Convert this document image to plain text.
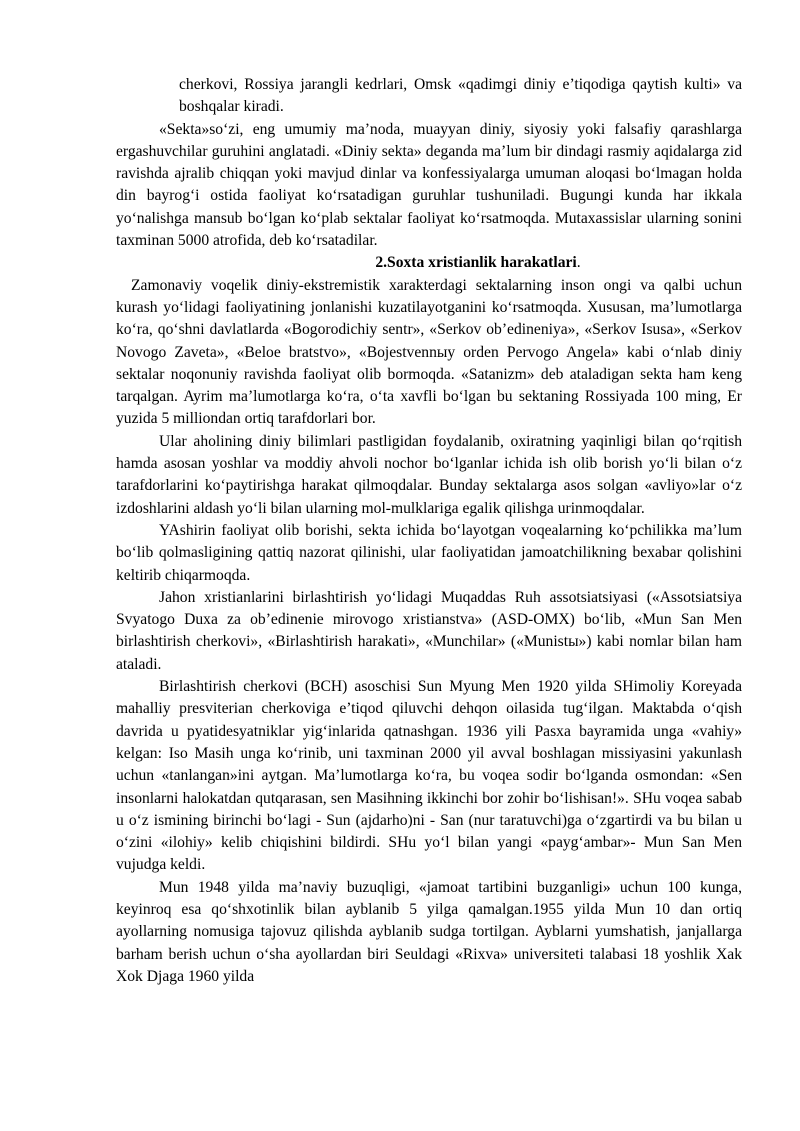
cherkovi, Rossiya jarangli kedrlari, Omsk «qadimgi diniy e’tiqodiga qaytish kulti» va boshqalar kiradi.

«Sekta»so‘zi, eng umumiy ma’noda, muayyan diniy, siyosiy yoki falsafiy qarashlarga ergashuvchilar guruhini anglatadi. «Diniy sekta» deganda ma’lum bir dindagi rasmiy aqidalarga zid ravishda ajralib chiqqan yoki mavjud dinlar va konfessiyalarga umuman aloqasi bo‘lmagan holda din bayrog‘i ostida faoliyat ko‘rsatadigan guruhlar tushuniladi. Bugungi kunda har ikkala yo‘nalishga mansub bo‘lgan ko‘plab sektalar faoliyat ko‘rsatmoqda. Mutaxassislar ularning sonini taxminan 5000 atrofida, deb ko‘rsatadilar.

2.Soxta xristianlik harakatlari.

Zamonaviy voqelik diniy-ekstremistik xarakterdagi sektalarning inson ongi va qalbi uchun kurash yo‘lidagi faoliyatining jonlanishi kuzatilayotganini ko‘rsatmoqda. Xususan, ma’lumotlarga ko‘ra, qo‘shni davlatlarda «Bogorodichiy sentr», «Serkov ob’edineniya», «Serkov Isusa», «Serkov Novogo Zaveta», «Beloe bratstvo», «Bojestvennыy orden Pervogo Angela» kabi o‘nlab diniy sektalar noqonuniy ravishda faoliyat olib bormoqda. «Satanizm» deb ataladigan sekta ham keng tarqalgan. Ayrim ma’lumotlarga ko‘ra, o‘ta xavfli bo‘lgan bu sektaning Rossiyada 100 ming, Er yuzida 5 milliondan ortiq tarafdorlari bor.

Ular aholining diniy bilimlari pastligidan foydalanib, oxiratning yaqinligi bilan qo‘rqitish hamda asosan yoshlar va moddiy ahvoli nochor bo‘lganlar ichida ish olib borish yo‘li bilan o‘z tarafdorlarini ko‘paytirishga harakat qilmoqdalar. Bunday sektalarga asos solgan «avliyo»lar o‘z izdoshlarini aldash yo‘li bilan ularning mol-mulklariga egalik qilishga urinmoqdalar.

YAshirin faoliyat olib borishi, sekta ichida bo‘layotgan voqealarning ko‘pchilikka ma’lum bo‘lib qolmasligining qattiq nazorat qilinishi, ular faoliyatidan jamoatchilikning bexabar qolishini keltirib chiqarmoqda.

Jahon xristianlarini birlashtirish yo‘lidagi Muqaddas Ruh assotsiatsiyasi («Assotsiatsiya Svyatogo Duxa za ob’edinenie mirovogo xristianstva» (ASD-OMX) bo‘lib, «Mun San Men birlashtirish cherkovi», «Birlashtirish harakati», «Munchilar» («Munistы») kabi nomlar bilan ham ataladi.

Birlashtirish cherkovi (BCH) asoschisi Sun Myung Men 1920 yilda SHimoliy Koreyada mahalliy presviterian cherkoviga e’tiqod qiluvchi dehqon oilasida tug‘ilgan. Maktabda o‘qish davrida u pyatidesyatniklar yig‘inlarida qatnashgan. 1936 yili Pasxa bayramida unga «vahiy» kelgan: Iso Masih unga ko‘rinib, uni taxminan 2000 yil avval boshlagan missiyasini yakunlash uchun «tanlangan»ini aytgan. Ma’lumotlarga ko‘ra, bu voqea sodir bo‘lganda osmondan: «Sen insonlarni halokatdan qutqarasan, sen Masihning ikkinchi bor zohir bo‘lishisan!». SHu voqea sabab u o‘z ismining birinchi bo‘lagi - Sun (ajdarho)ni - San (nur taratuvchi)ga o‘zgartirdi va bu bilan u o‘zini «ilohiy» kelib chiqishini bildirdi. SHu yo‘l bilan yangi «payg‘ambar»- Mun San Men vujudga keldi.

Mun 1948 yilda ma’naviy buzuqligi, «jamoat tartibini buzganligi» uchun 100 kunga, keyinroq esa qo‘shxotinlik bilan ayblanib 5 yilga qamalgan.1955 yilda Mun 10 dan ortiq ayollarning nomusiga tajovuz qilishda ayblanib sudga tortilgan. Ayblarni yumshatish, janjallarga barham berish uchun o‘sha ayollardan biri Seuldagi «Rixva» universiteti talabasi 18 yoshlik Xak Xok Djaga 1960 yilda
